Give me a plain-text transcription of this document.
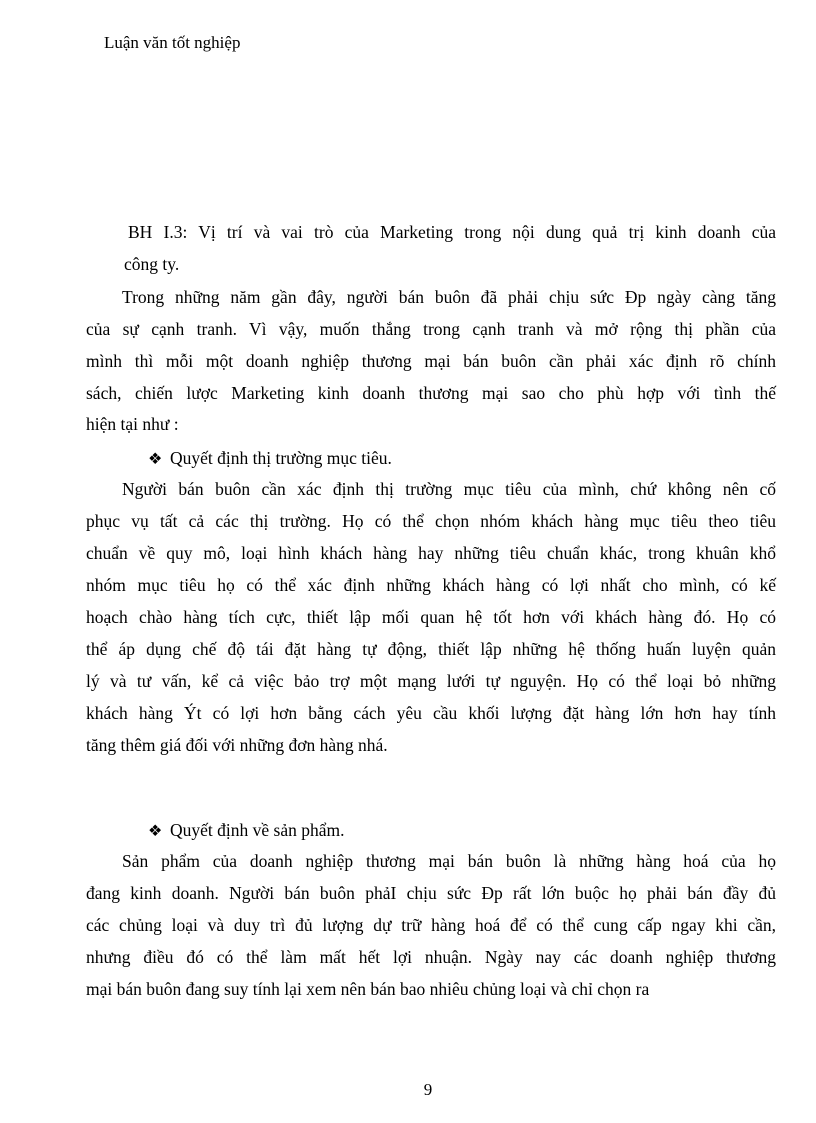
Luận văn tốt nghiệp
BH I.3: Vị trí và vai trò của Marketing trong nội dung quả trị kinh doanh của
công ty.
Trong những năm gần đây, người bán buôn đã phải chịu sức Ðp ngày càng tăng
của sự cạnh tranh. Vì vậy, muốn thắng trong cạnh tranh và mở rộng thị phần của
mình thì mỗi một doanh nghiệp thương mại bán buôn cần phải xác định rõ chính
sách, chiến lược Marketing kinh doanh thương mại sao cho phù hợp với tình thế
hiện tại như :
❖ Quyết định thị trường mục tiêu.
Người bán buôn cần xác định thị trường mục tiêu của mình, chứ không nên cố
phục vụ tất cả các thị trường. Họ có thể chọn nhóm khách hàng mục tiêu theo tiêu
chuẩn về quy mô, loại hình khách hàng hay những tiêu chuẩn khác, trong khuân khổ
nhóm mục tiêu họ có thể xác định những khách hàng có lợi nhất cho mình, có kế
hoạch chào hàng tích cực, thiết lập mối quan hệ tốt hơn với khách hàng đó. Họ có
thể áp dụng chế độ tái đặt hàng tự động, thiết lập những hệ thống huấn luyện quản
lý và tư vấn, kể cả việc bảo trợ một mạng lưới tự nguyện. Họ có thể loại bỏ những
khách hàng Ýt có lợi hơn bằng cách yêu cầu khối lượng đặt hàng lớn hơn hay tính
tăng thêm giá đối với những đơn hàng nhá.
❖ Quyết định về sản phẩm.
Sản phẩm của doanh nghiệp thương mại bán buôn là những hàng hoá của họ
đang kinh doanh. Người bán buôn phảI chịu sức Ðp rất lớn buộc họ phải bán đầy đủ
các chủng loại và duy trì đủ lượng dự trữ hàng hoá để có thể cung cấp ngay khi cần,
nhưng điều đó có thể làm mất hết lợi nhuận. Ngày nay các doanh nghiệp thương
mại bán buôn đang suy tính lại xem nên bán bao nhiêu chủng loại và chỉ chọn ra
9
